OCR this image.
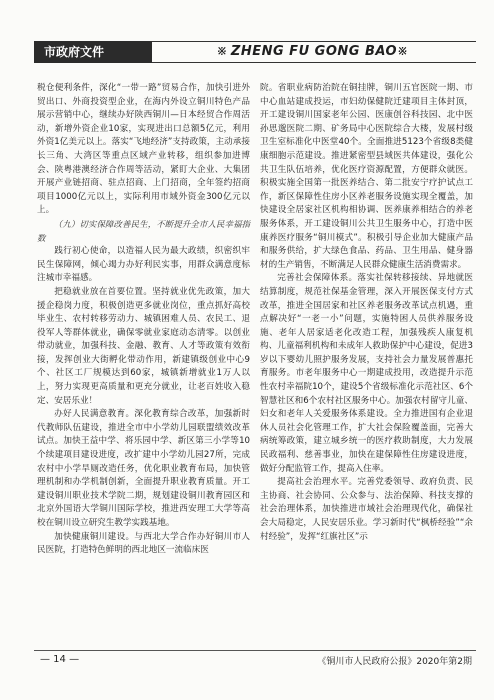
市政府文件	※ ZHENG FU GONG BAO※

税仓便利条件，深化“一带一路”贸易合作，加快引进外贸出口、外商投资型企业，在海内外设立铜川特色产品展示营销中心，继续办好陕西铜川—日本经贸合作周活动，新增外资企业10家，实现进出口总额5亿元，利用外资1亿美元以上。落实“飞地经济”支持政策，主动承接长三角、大湾区等重点区域产业转移，组织参加进博会、陕粤港澳经济合作周等活动，紧盯大企业、大集团开展产业链招商、驻点招商、上门招商，全年签约招商项目1000亿元以上，实际利用市域外资金300亿元以上。

（九）切实保障改善民生，不断提升全市人民幸福指数

践行初心使命，以造福人民为最大政绩，织密织牢民生保障网，倾心竭力办好利民实事，用群众满意度标注城市幸福感。

把稳就业放在首要位置。坚持就业优先政策，加大援企稳岗力度，积极创造更多就业岗位，重点抓好高校毕业生、农村转移劳动力、城镇困难人员、农民工、退役军人等群体就业，确保零就业家庭动态清零。以创业带动就业，加强科技、金融、教育、人才等政策有效衔接，发挥创业大街孵化带动作用，新建镇级创业中心9个、社区工厂规模达到60家，城镇新增就业1万人以上，努力实现更高质量和更充分就业，让老百姓收入稳定、安居乐业！

办好人民满意教育。深化教育综合改革，加强新时代教师队伍建设，推进全市中小学幼儿园联盟绩效改革试点。加快王益中学、将乐园中学、新区第三小学等10个续建项目建设进度，改扩建中小学幼儿园27所，完成农村中小学旱厕改造任务，优化职业教育布局，加快管理机制和办学机制创新，全面提升职业教育质量。开工建设铜川职业技术学院二期，规划建设铜川教育园区和北京外国语大学铜川国际学校，推进西安理工大学等高校在铜川设立研究生教学实践基地。

加快健康铜川建设。与西北大学合作办好铜川市人民医院，打造特色鲜明的西北地区一流临床医

院。省职业病防治院在铜挂牌，铜川五官医院一期、市中心血站建成投运，市妇幼保健院迁建项目主体封顶，开工建设铜川国家老年公园、医康创谷科技园、北中医孙思邈医院二期、矿务局中心医院综合大楼，发展村级卫生室标准化中医堂40个。全面推进5123个省级8类健康细胞示范建设。推进紧密型县域医共体建设，强化公共卫生队伍培养，优化医疗资源配置，方便群众就医。积极实施全国第一批医养结合、第二批安宁疗护试点工作，新区保障性住房小区养老服务设施实现全覆盖，加快建设全居家社区机构相协调、医养康养相结合的养老服务体系，开工建设铜川公共卫生服务中心，打造中医康养医疗服务“铜川模式”。积极引导企业加大健康产品和服务供给，扩大绿色食品、药品、卫生用品、健身器材的生产销售，不断满足人民群众健康生活消费需求。

完善社会保障体系。落实社保转移接续、异地就医结算制度，规范社保基金管理，深入开展医保支付方式改革，推进全国居家和社区养老服务改革试点机遇，重点解决好“一老一小”问题，实施特困人员供养服务设施、老年人居家适老化改造工程，加强残疾人康复机构、儿童福利机构和未成年人救助保护中心建设，促进3岁以下婴幼儿照护服务发展，支持社会力量发展普惠托育服务。市老年服务中心一期建成投用，改造提升示范性农村幸福院10个，建设5个省级标准化示范社区、6个智慧社区和6个农村社区服务中心。加强农村留守儿童、妇女和老年人关爱服务体系建设。全力推进国有企业退休人员社会化管理工作，扩大社会保险覆盖面，完善大病统筹政策，建立城乡统一的医疗救助制度，大力发展民政福利、慈善事业，加快在建保障性住房建设进度，做好分配监管工作，提高入住率。

提高社会治理水平。完善党委领导、政府负责、民主协商、社会协同、公众参与、法治保障、科技支撑的社会治理体系，加快推进市域社会治理现代化，确保社会大局稳定，人民安居乐业。学习新时代“枫桥经验”“余村经验”，发挥“红旗社区”示

— 14 —	《铜川市人民政府公报》2020年第2期
